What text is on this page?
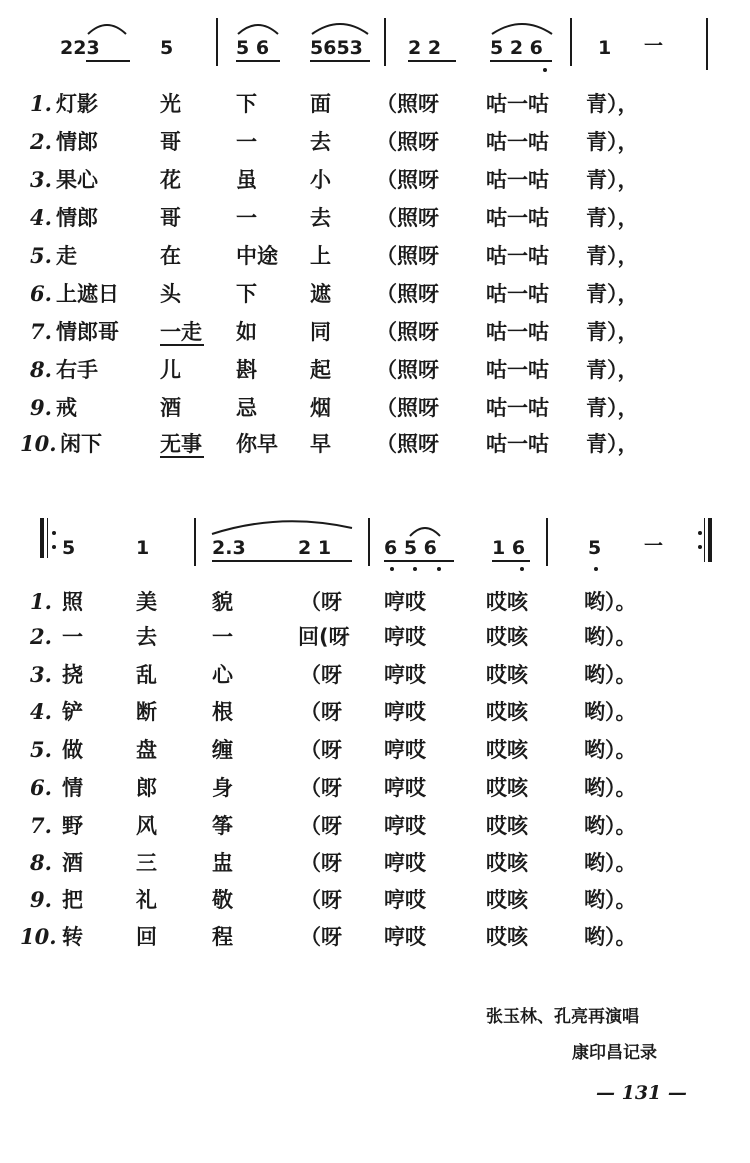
223	5	5 6 5653 2 2	5 2 6	1 一
1. 灯影	光	下	面 （照呀 咕一咕 青），
2. 情郎	哥	一	去 （照呀 咕一咕 青），
3. 果心	花	虽	小 （照呀 咕一咕 青），
4. 情郎	哥	一	去 （照呀 咕一咕 青），
5. 走	在	中途 上 （照呀 咕一咕 青），
6. 上遮日 头	下	遮 （照呀 咕一咕 青），
7. 情郎哥 一走 如	同 （照呀 咕一咕 青），
8. 右手	儿	斟	起 （照呀 咕一咕 青），
9. 戒	酒	忌	烟 （照呀 咕一咕 青），
10. 闲下	无事 你早 早 （照呀 咕一咕 青），
5	1	2.3	2 1	6 5 6	1 6	5 一
1. 照	美	貌	（呀 哼哎	哎咳	哟）。
2. 一	去	一	回(呀 哼哎	哎咳	哟）。
3. 挠	乱	心	（呀 哼哎	哎咳	哟）。
4. 铲	断	根	（呀 哼哎	哎咳	哟）。
5. 做	盘	缠	（呀 哼哎	哎咳	哟）。
6. 情	郎	身	（呀 哼哎	哎咳	哟）。
7. 野	风	筝	（呀 哼哎	哎咳	哟）。
8. 酒	三	盅	（呀 哼哎	哎咳	哟）。
9. 把	礼	敬	（呀 哼哎	哎咳	哟）。
10. 转	回	程	（呀 哼哎	哎咳	哟）。
张玉林、孔亮再演唱
康印昌记录
— 131 —
